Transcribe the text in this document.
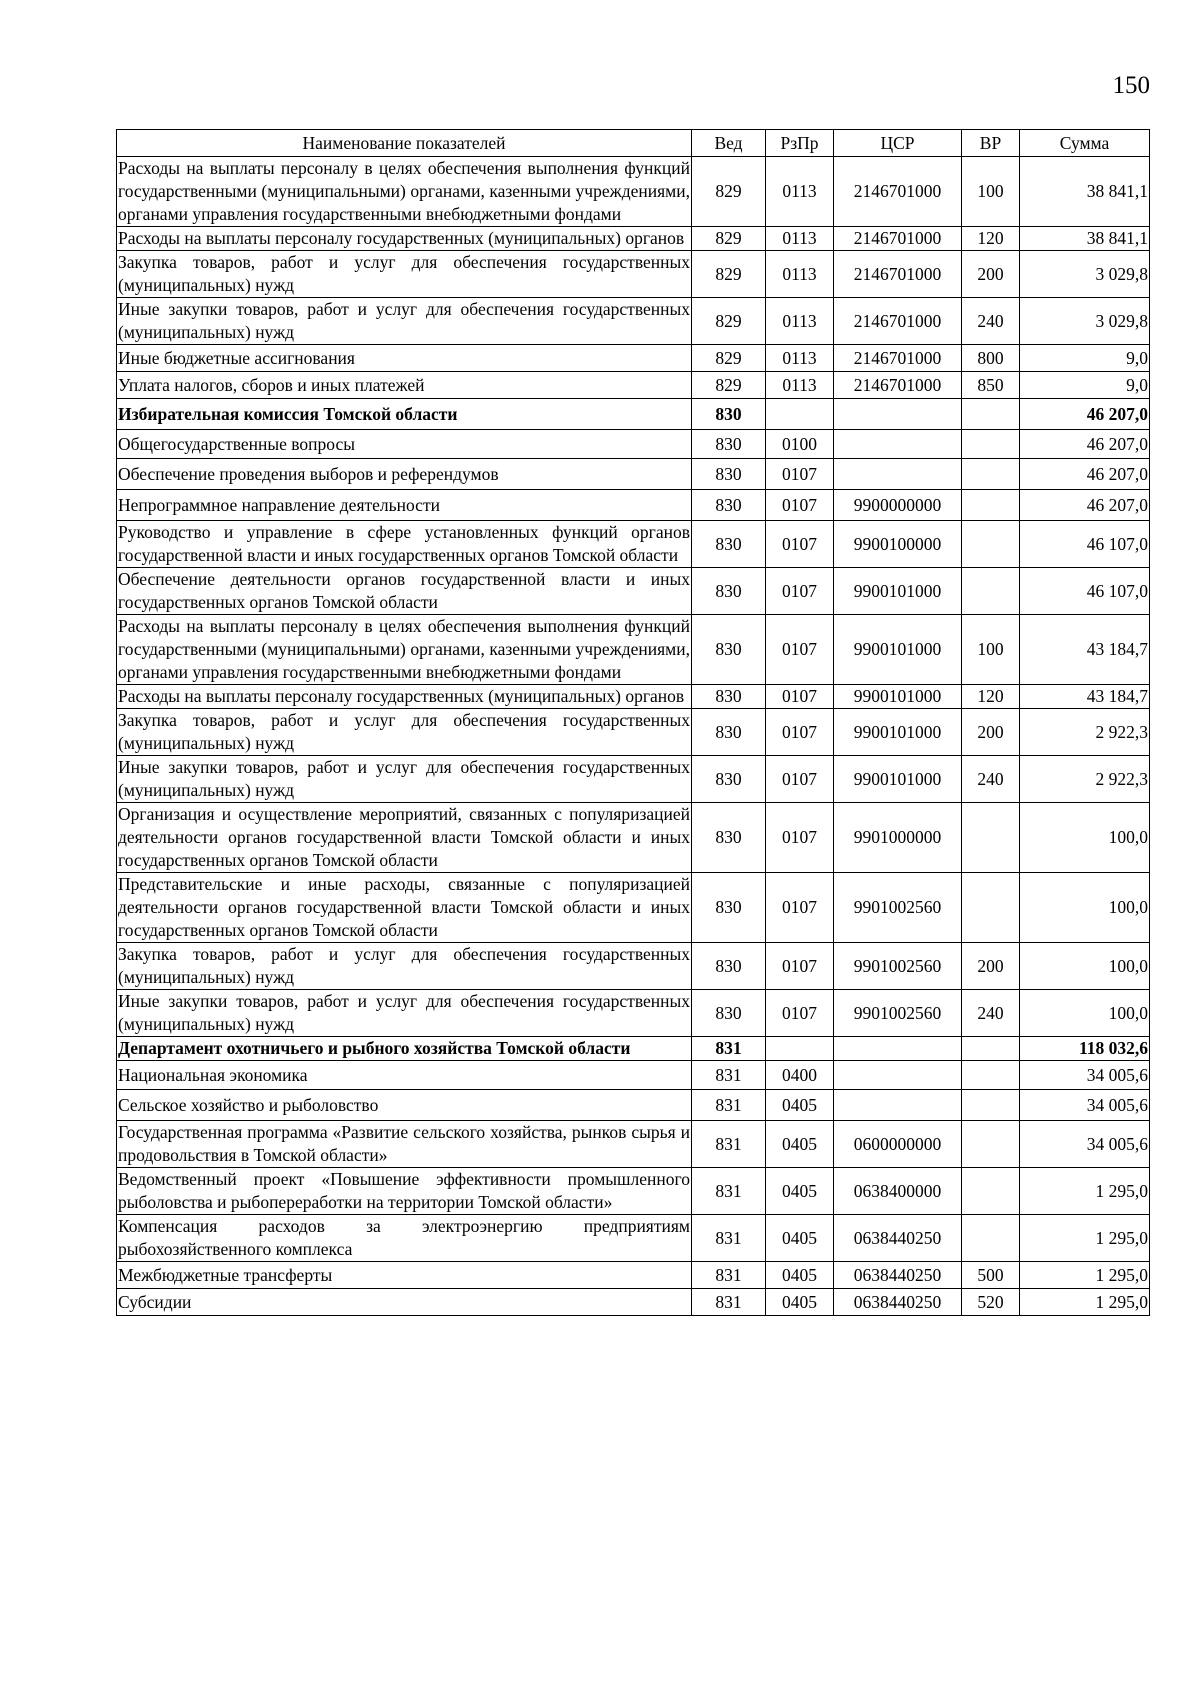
150
Наименование показателей	Вед	РзПр	ЦСР	ВР	Сумма
Расходы на выплаты персоналу в целях обеспечения выполнения функций государственными (муниципальными) органами, казенными учреждениями, органами управления государственными внебюджетными фондами	829	0113	2146701000	100	38 841,1
Расходы на выплаты персоналу государственных (муниципальных) органов	829	0113	2146701000	120	38 841,1
Закупка товаров, работ и услуг для обеспечения государственных (муниципальных) нужд	829	0113	2146701000	200	3 029,8
Иные закупки товаров, работ и услуг для обеспечения государственных (муниципальных) нужд	829	0113	2146701000	240	3 029,8
Иные бюджетные ассигнования	829	0113	2146701000	800	9,0
Уплата налогов, сборов и иных платежей	829	0113	2146701000	850	9,0
Избирательная комиссия Томской области	830				46 207,0
Общегосударственные вопросы	830	0100			46 207,0
Обеспечение проведения выборов и референдумов	830	0107			46 207,0
Непрограммное направление деятельности	830	0107	9900000000		46 207,0
Руководство и управление в сфере установленных функций органов государственной власти и иных государственных органов Томской области	830	0107	9900100000		46 107,0
Обеспечение деятельности органов государственной власти и иных государственных органов Томской области	830	0107	9900101000		46 107,0
Расходы на выплаты персоналу в целях обеспечения выполнения функций государственными (муниципальными) органами, казенными учреждениями, органами управления государственными внебюджетными фондами	830	0107	9900101000	100	43 184,7
Расходы на выплаты персоналу государственных (муниципальных) органов	830	0107	9900101000	120	43 184,7
Закупка товаров, работ и услуг для обеспечения государственных (муниципальных) нужд	830	0107	9900101000	200	2 922,3
Иные закупки товаров, работ и услуг для обеспечения государственных (муниципальных) нужд	830	0107	9900101000	240	2 922,3
Организация и осуществление мероприятий, связанных с популяризацией деятельности органов государственной власти Томской области и иных государственных органов Томской области	830	0107	9901000000		100,0
Представительские и иные расходы, связанные с популяризацией деятельности органов государственной власти Томской области и иных государственных органов Томской области	830	0107	9901002560		100,0
Закупка товаров, работ и услуг для обеспечения государственных (муниципальных) нужд	830	0107	9901002560	200	100,0
Иные закупки товаров, работ и услуг для обеспечения государственных (муниципальных) нужд	830	0107	9901002560	240	100,0
Департамент охотничьего и рыбного хозяйства Томской области	831				118 032,6
Национальная экономика	831	0400			34 005,6
Сельское хозяйство и рыболовство	831	0405			34 005,6
Государственная программа «Развитие сельского хозяйства, рынков сырья и продовольствия в Томской области»	831	0405	0600000000		34 005,6
Ведомственный проект «Повышение эффективности промышленного рыболовства и рыбопереработки на территории Томской области»	831	0405	0638400000		1 295,0
Компенсация расходов за электроэнергию предприятиям рыбохозяйственного комплекса	831	0405	0638440250		1 295,0
Межбюджетные трансферты	831	0405	0638440250	500	1 295,0
Субсидии	831	0405	0638440250	520	1 295,0
